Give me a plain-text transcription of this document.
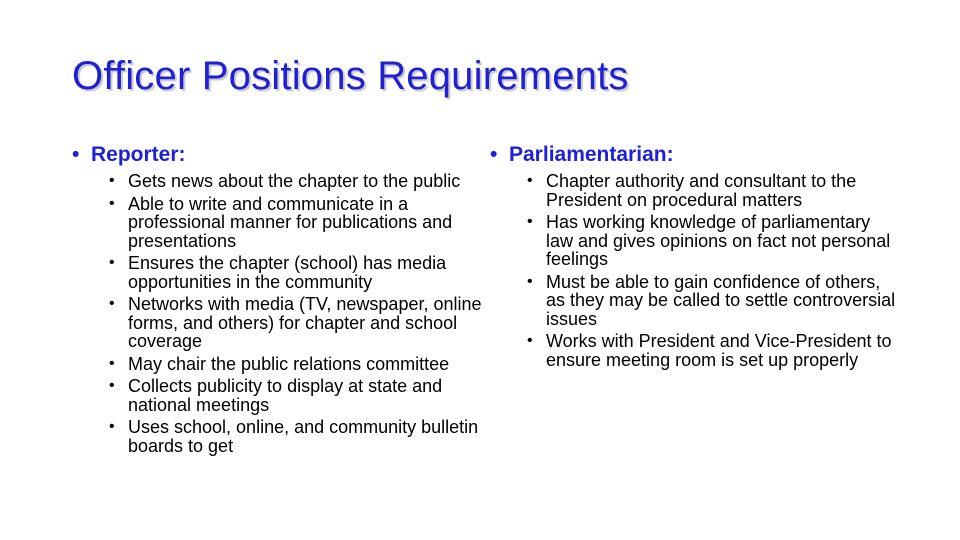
Officer Positions Requirements
• Reporter:
• Gets news about the chapter to the public
• Able to write and communicate in a professional manner for publications and presentations
• Ensures the chapter (school) has media opportunities in the community
• Networks with media (TV, newspaper, online forms, and others) for chapter and school coverage
• May chair the public relations committee
• Collects publicity to display at state and national meetings
• Uses school, online, and community bulletin boards to get
• Parliamentarian:
• Chapter authority and consultant to the President on procedural matters
• Has working knowledge of parliamentary law and gives opinions on fact not personal feelings
• Must be able to gain confidence of others, as they may be called to settle controversial issues
• Works with President and Vice-President to ensure meeting room is set up properly
